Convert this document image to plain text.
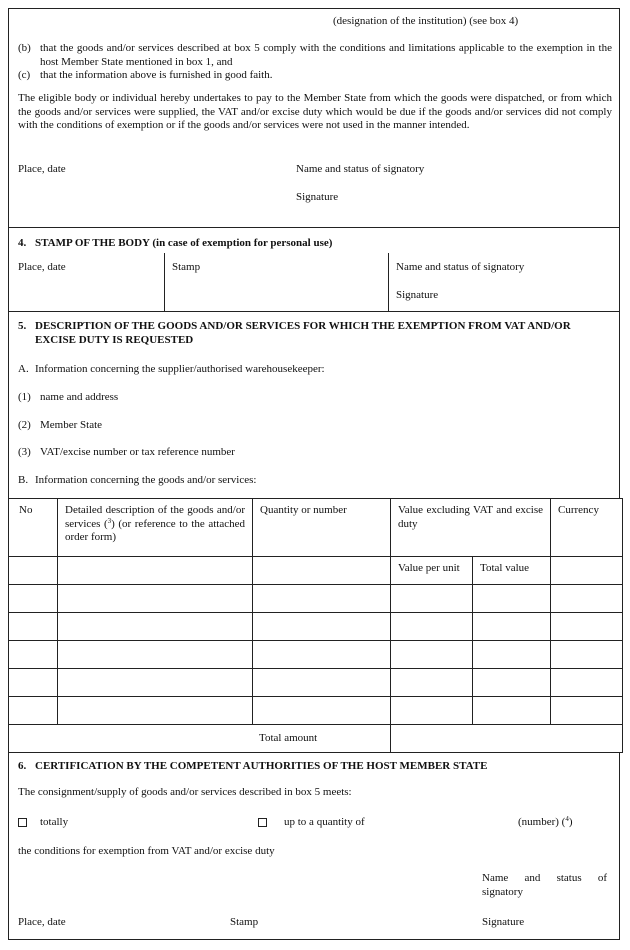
(designation of the institution) (see box 4)
(b) that the goods and/or services described at box 5 comply with the conditions and limitations applicable to the exemption in the host Member State mentioned in box 1, and
(c) that the information above is furnished in good faith.
The eligible body or individual hereby undertakes to pay to the Member State from which the goods were dispatched, or from which the goods and/or services were supplied, the VAT and/or excise duty which would be due if the goods and/or services did not comply with the conditions of exemption or if the goods and/or services were not used in the manner intended.
Place, date	Name and status of signatory
Signature
4. STAMP OF THE BODY (in case of exemption for personal use)
Place, date	Stamp	Name and status of signatory
Signature
5. DESCRIPTION OF THE GOODS AND/OR SERVICES FOR WHICH THE EXEMPTION FROM VAT AND/OR EXCISE DUTY IS REQUESTED
A. Information concerning the supplier/authorised warehousekeeper:
(1) name and address
(2) Member State
(3) VAT/excise number or tax reference number
B. Information concerning the goods and/or services:
No	Detailed description of the goods and/or services ($^3$) (or reference to the attached order form)	Quantity or number	Value excluding VAT and excise duty		Currency
			Value per unit	Total value	

Total amount					
6. CERTIFICATION BY THE COMPETENT AUTHORITIES OF THE HOST MEMBER STATE
The consignment/supply of goods and/or services described in box 5 meets:
totally	up to a quantity of	(number) ($^4$)
the conditions for exemption from VAT and/or excise duty
Name and status of signatory
Place, date	Stamp	Signature
